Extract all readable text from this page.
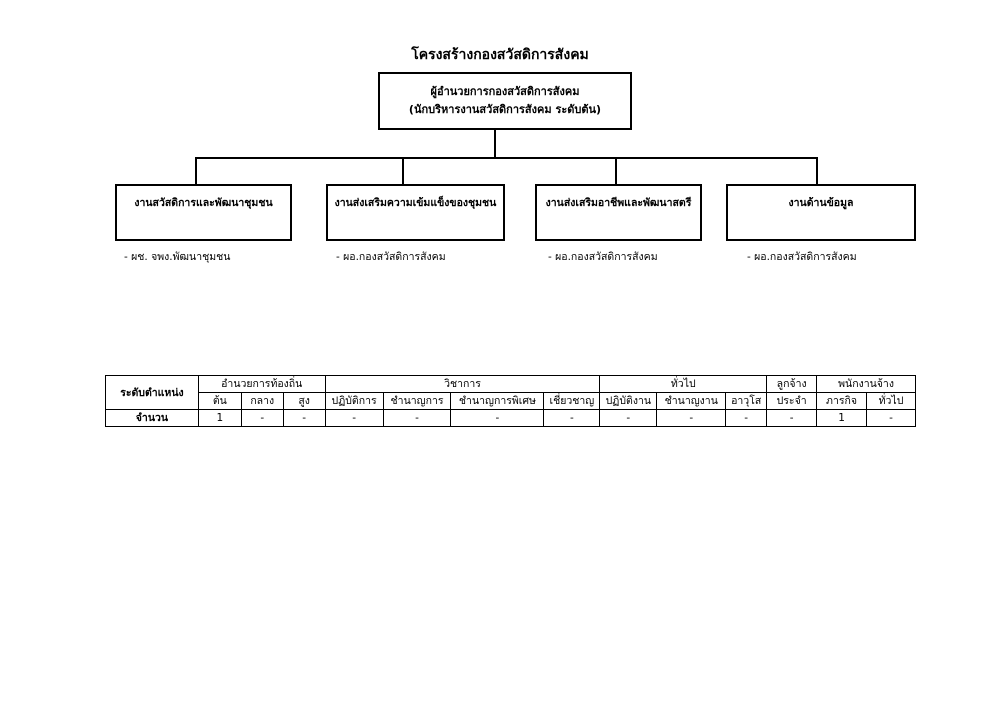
โครงสร้างกองสวัสดิการสังคม
ผู้อำนวยการกองสวัสดิการสังคม
(นักบริหารงานสวัสดิการสังคม ระดับต้น)
งานสวัสดิการและพัฒนาชุมชน	งานส่งเสริมความเข้มแข็งของชุมชน	งานส่งเสริมอาชีพและพัฒนาสตรี	งานด้านข้อมูล
- ผช. จพง.พัฒนาชุมชน	- ผอ.กองสวัสดิการสังคม	- ผอ.กองสวัสดิการสังคม	- ผอ.กองสวัสดิการสังคม
ระดับตำแหน่ง	อำนวยการท้องถิ่น			วิชาการ				ทั่วไป			ลูกจ้าง	พนักงานจ้าง	
	ต้น	กลาง	สูง	ปฏิบัติการ	ชำนาญการ	ชำนาญการพิเศษ	เชี่ยวชาญ	ปฏิบัติงาน	ชำนาญงาน	อาวุโส	ประจำ	ภารกิจ	ทั่วไป
จำนวน	1	-	-	-	-	-	-	-	-	-	-	1	-
